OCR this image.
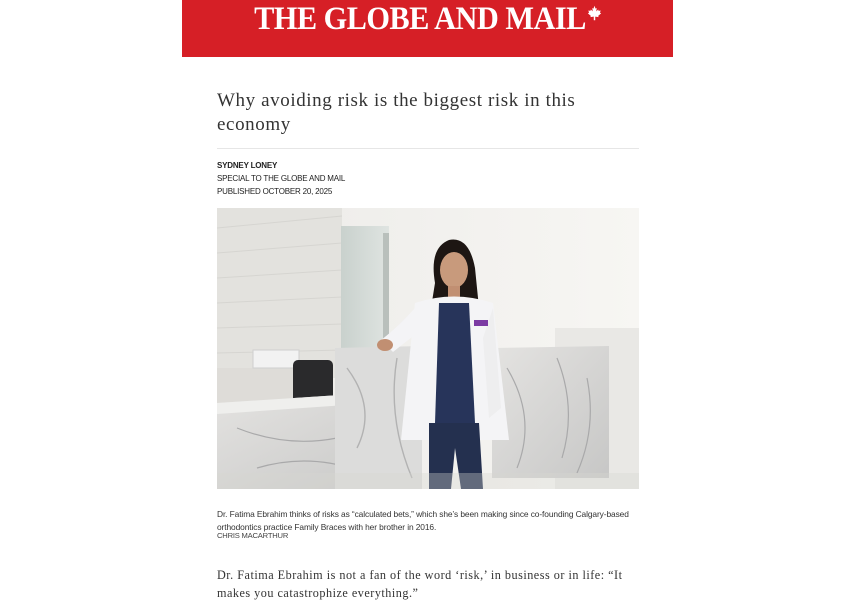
THE GLOBE AND MAIL
Why avoiding risk is the biggest risk in this economy
SYDNEY LONEY
SPECIAL TO THE GLOBE AND MAIL
PUBLISHED OCTOBER 20, 2025

Dr. Fatima Ebrahim thinks of risks as “calculated bets,” which she’s been making since co-founding Calgary-based orthodontics practice Family Braces with her brother in 2016.

CHRIS MACARTHUR

Dr. Fatima Ebrahim is not a fan of the word ‘risk,’ in business or in life: “It makes you catastrophize everything.”
